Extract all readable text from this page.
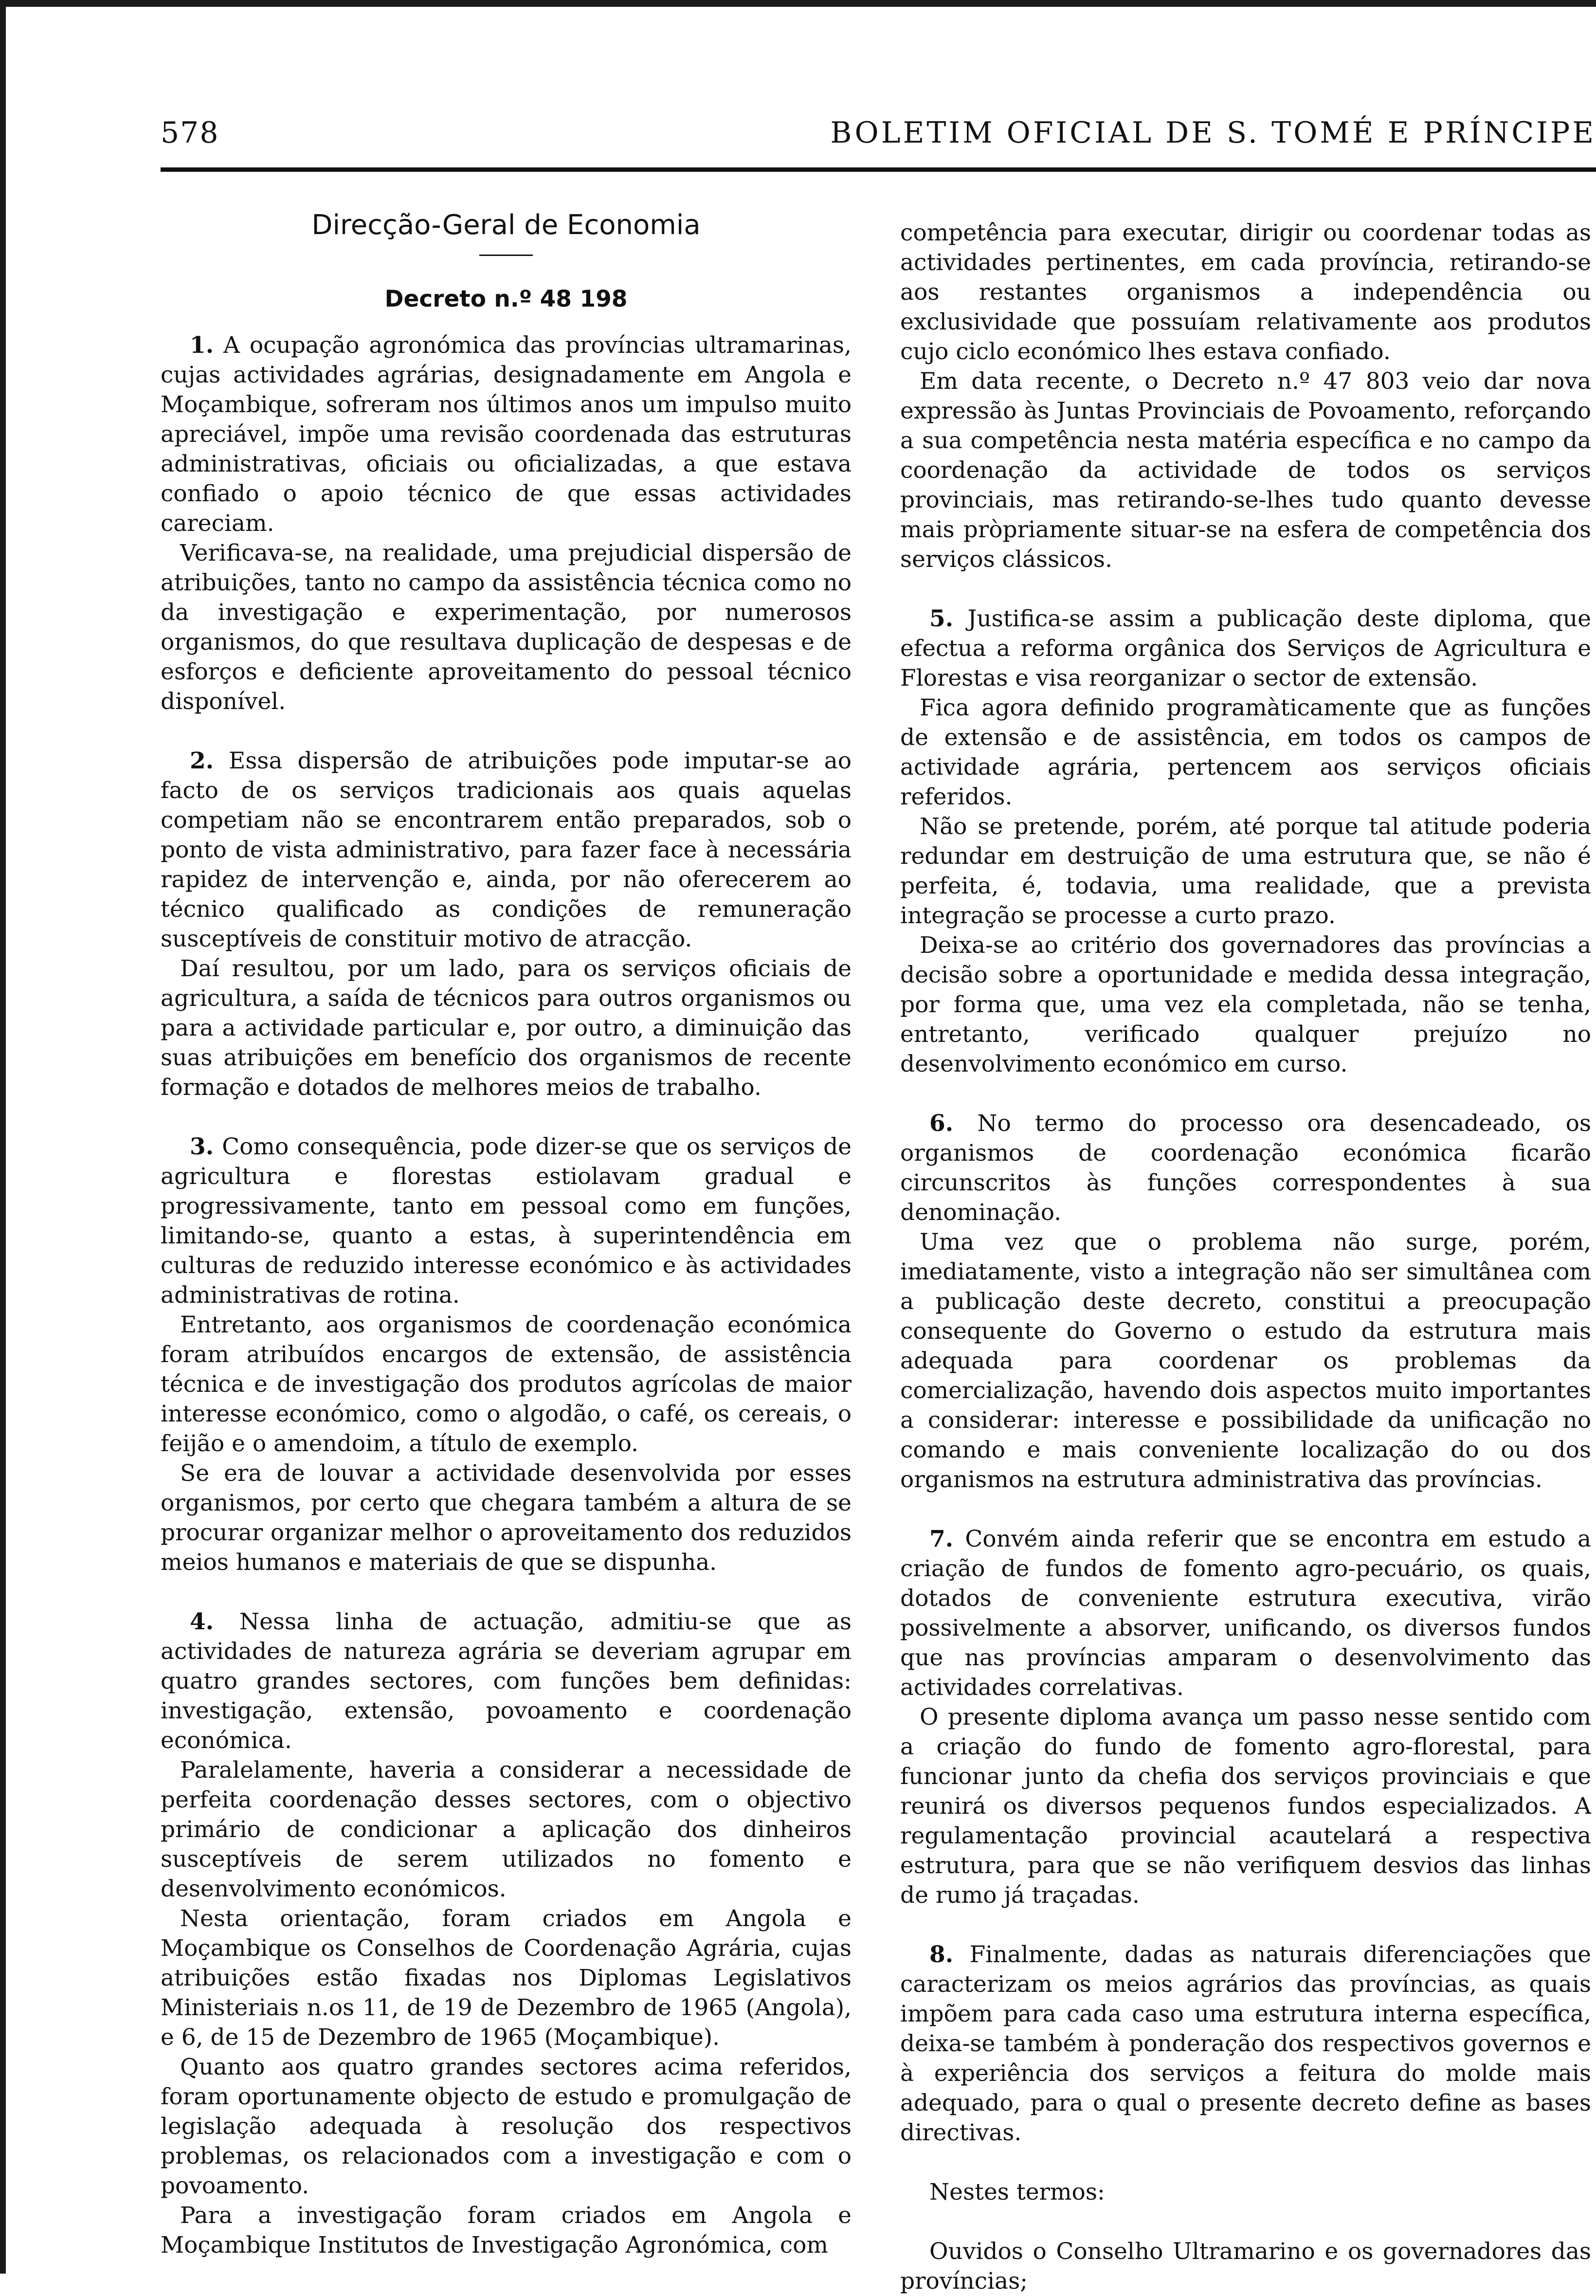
578	BOLETIM OFICIAL DE S. TOMÉ E PRÍNCIPE
Direcção-Geral de Economia
Decreto n.º 48 198

1. A ocupação agronómica das províncias ultramarinas, cujas actividades agrárias, designadamente em Angola e Moçambique, sofreram nos últimos anos um impulso muito apreciável, impõe uma revisão coordenada das estruturas administrativas, oficiais ou oficializadas, a que estava confiado o apoio técnico de que essas actividades careciam.

Verificava-se, na realidade, uma prejudicial dispersão de atribuições, tanto no campo da assistência técnica como no da investigação e experimentação, por numerosos organismos, do que resultava duplicação de despesas e de esforços e deficiente aproveitamento do pessoal técnico disponível.

2. Essa dispersão de atribuições pode imputar-se ao facto de os serviços tradicionais aos quais aquelas competiam não se encontrarem então preparados, sob o ponto de vista administrativo, para fazer face à necessária rapidez de intervenção e, ainda, por não oferecerem ao técnico qualificado as condições de remuneração susceptíveis de constituir motivo de atracção.

Daí resultou, por um lado, para os serviços oficiais de agricultura, a saída de técnicos para outros organismos ou para a actividade particular e, por outro, a diminuição das suas atribuições em benefício dos organismos de recente formação e dotados de melhores meios de trabalho.

3. Como consequência, pode dizer-se que os serviços de agricultura e florestas estiolavam gradual e progressivamente, tanto em pessoal como em funções, limitando-se, quanto a estas, à superintendência em culturas de reduzido interesse económico e às actividades administrativas de rotina.

Entretanto, aos organismos de coordenação económica foram atribuídos encargos de extensão, de assistência técnica e de investigação dos produtos agrícolas de maior interesse económico, como o algodão, o café, os cereais, o feijão e o amendoim, a título de exemplo.

Se era de louvar a actividade desenvolvida por esses organismos, por certo que chegara também a altura de se procurar organizar melhor o aproveitamento dos reduzidos meios humanos e materiais de que se dispunha.

4. Nessa linha de actuação, admitiu-se que as actividades de natureza agrária se deveriam agrupar em quatro grandes sectores, com funções bem definidas: investigação, extensão, povoamento e coordenação económica.

Paralelamente, haveria a considerar a necessidade de perfeita coordenação desses sectores, com o objectivo primário de condicionar a aplicação dos dinheiros susceptíveis de serem utilizados no fomento e desenvolvimento económicos.

Nesta orientação, foram criados em Angola e Moçambique os Conselhos de Coordenação Agrária, cujas atribuições estão fixadas nos Diplomas Legislativos Ministeriais n.os 11, de 19 de Dezembro de 1965 (Angola), e 6, de 15 de Dezembro de 1965 (Moçambique).

Quanto aos quatro grandes sectores acima referidos, foram oportunamente objecto de estudo e promulgação de legislação adequada à resolução dos respectivos problemas, os relacionados com a investigação e com o povoamento.

Para a investigação foram criados em Angola e Moçambique Institutos de Investigação Agronómica, com

competência para executar, dirigir ou coordenar todas as actividades pertinentes, em cada província, retirando-se aos restantes organismos a independência ou exclusividade que possuíam relativamente aos produtos cujo ciclo económico lhes estava confiado.

Em data recente, o Decreto n.º 47 803 veio dar nova expressão às Juntas Provinciais de Povoamento, reforçando a sua competência nesta matéria específica e no campo da coordenação da actividade de todos os serviços provinciais, mas retirando-se-lhes tudo quanto devesse mais pròpriamente situar-se na esfera de competência dos serviços clássicos.

5. Justifica-se assim a publicação deste diploma, que efectua a reforma orgânica dos Serviços de Agricultura e Florestas e visa reorganizar o sector de extensão.

Fica agora definido programàticamente que as funções de extensão e de assistência, em todos os campos de actividade agrária, pertencem aos serviços oficiais referidos.

Não se pretende, porém, até porque tal atitude poderia redundar em destruição de uma estrutura que, se não é perfeita, é, todavia, uma realidade, que a prevista integração se processe a curto prazo.

Deixa-se ao critério dos governadores das províncias a decisão sobre a oportunidade e medida dessa integração, por forma que, uma vez ela completada, não se tenha, entretanto, verificado qualquer prejuízo no desenvolvimento económico em curso.

6. No termo do processo ora desencadeado, os organismos de coordenação económica ficarão circunscritos às funções correspondentes à sua denominação.

Uma vez que o problema não surge, porém, imediatamente, visto a integração não ser simultânea com a publicação deste decreto, constitui a preocupação consequente do Governo o estudo da estrutura mais adequada para coordenar os problemas da comercialização, havendo dois aspectos muito importantes a considerar: interesse e possibilidade da unificação no comando e mais conveniente localização do ou dos organismos na estrutura administrativa das províncias.

7. Convém ainda referir que se encontra em estudo a criação de fundos de fomento agro-pecuário, os quais, dotados de conveniente estrutura executiva, virão possivelmente a absorver, unificando, os diversos fundos que nas províncias amparam o desenvolvimento das actividades correlativas.

O presente diploma avança um passo nesse sentido com a criação do fundo de fomento agro-florestal, para funcionar junto da chefia dos serviços provinciais e que reunirá os diversos pequenos fundos especializados. A regulamentação provincial acautelará a respectiva estrutura, para que se não verifiquem desvios das linhas de rumo já traçadas.

8. Finalmente, dadas as naturais diferenciações que caracterizam os meios agrários das províncias, as quais impõem para cada caso uma estrutura interna específica, deixa-se também à ponderação dos respectivos governos e à experiência dos serviços a feitura do molde mais adequado, para o qual o presente decreto define as bases directivas.

Nestes termos:

Ouvidos o Conselho Ultramarino e os governadores das províncias;
